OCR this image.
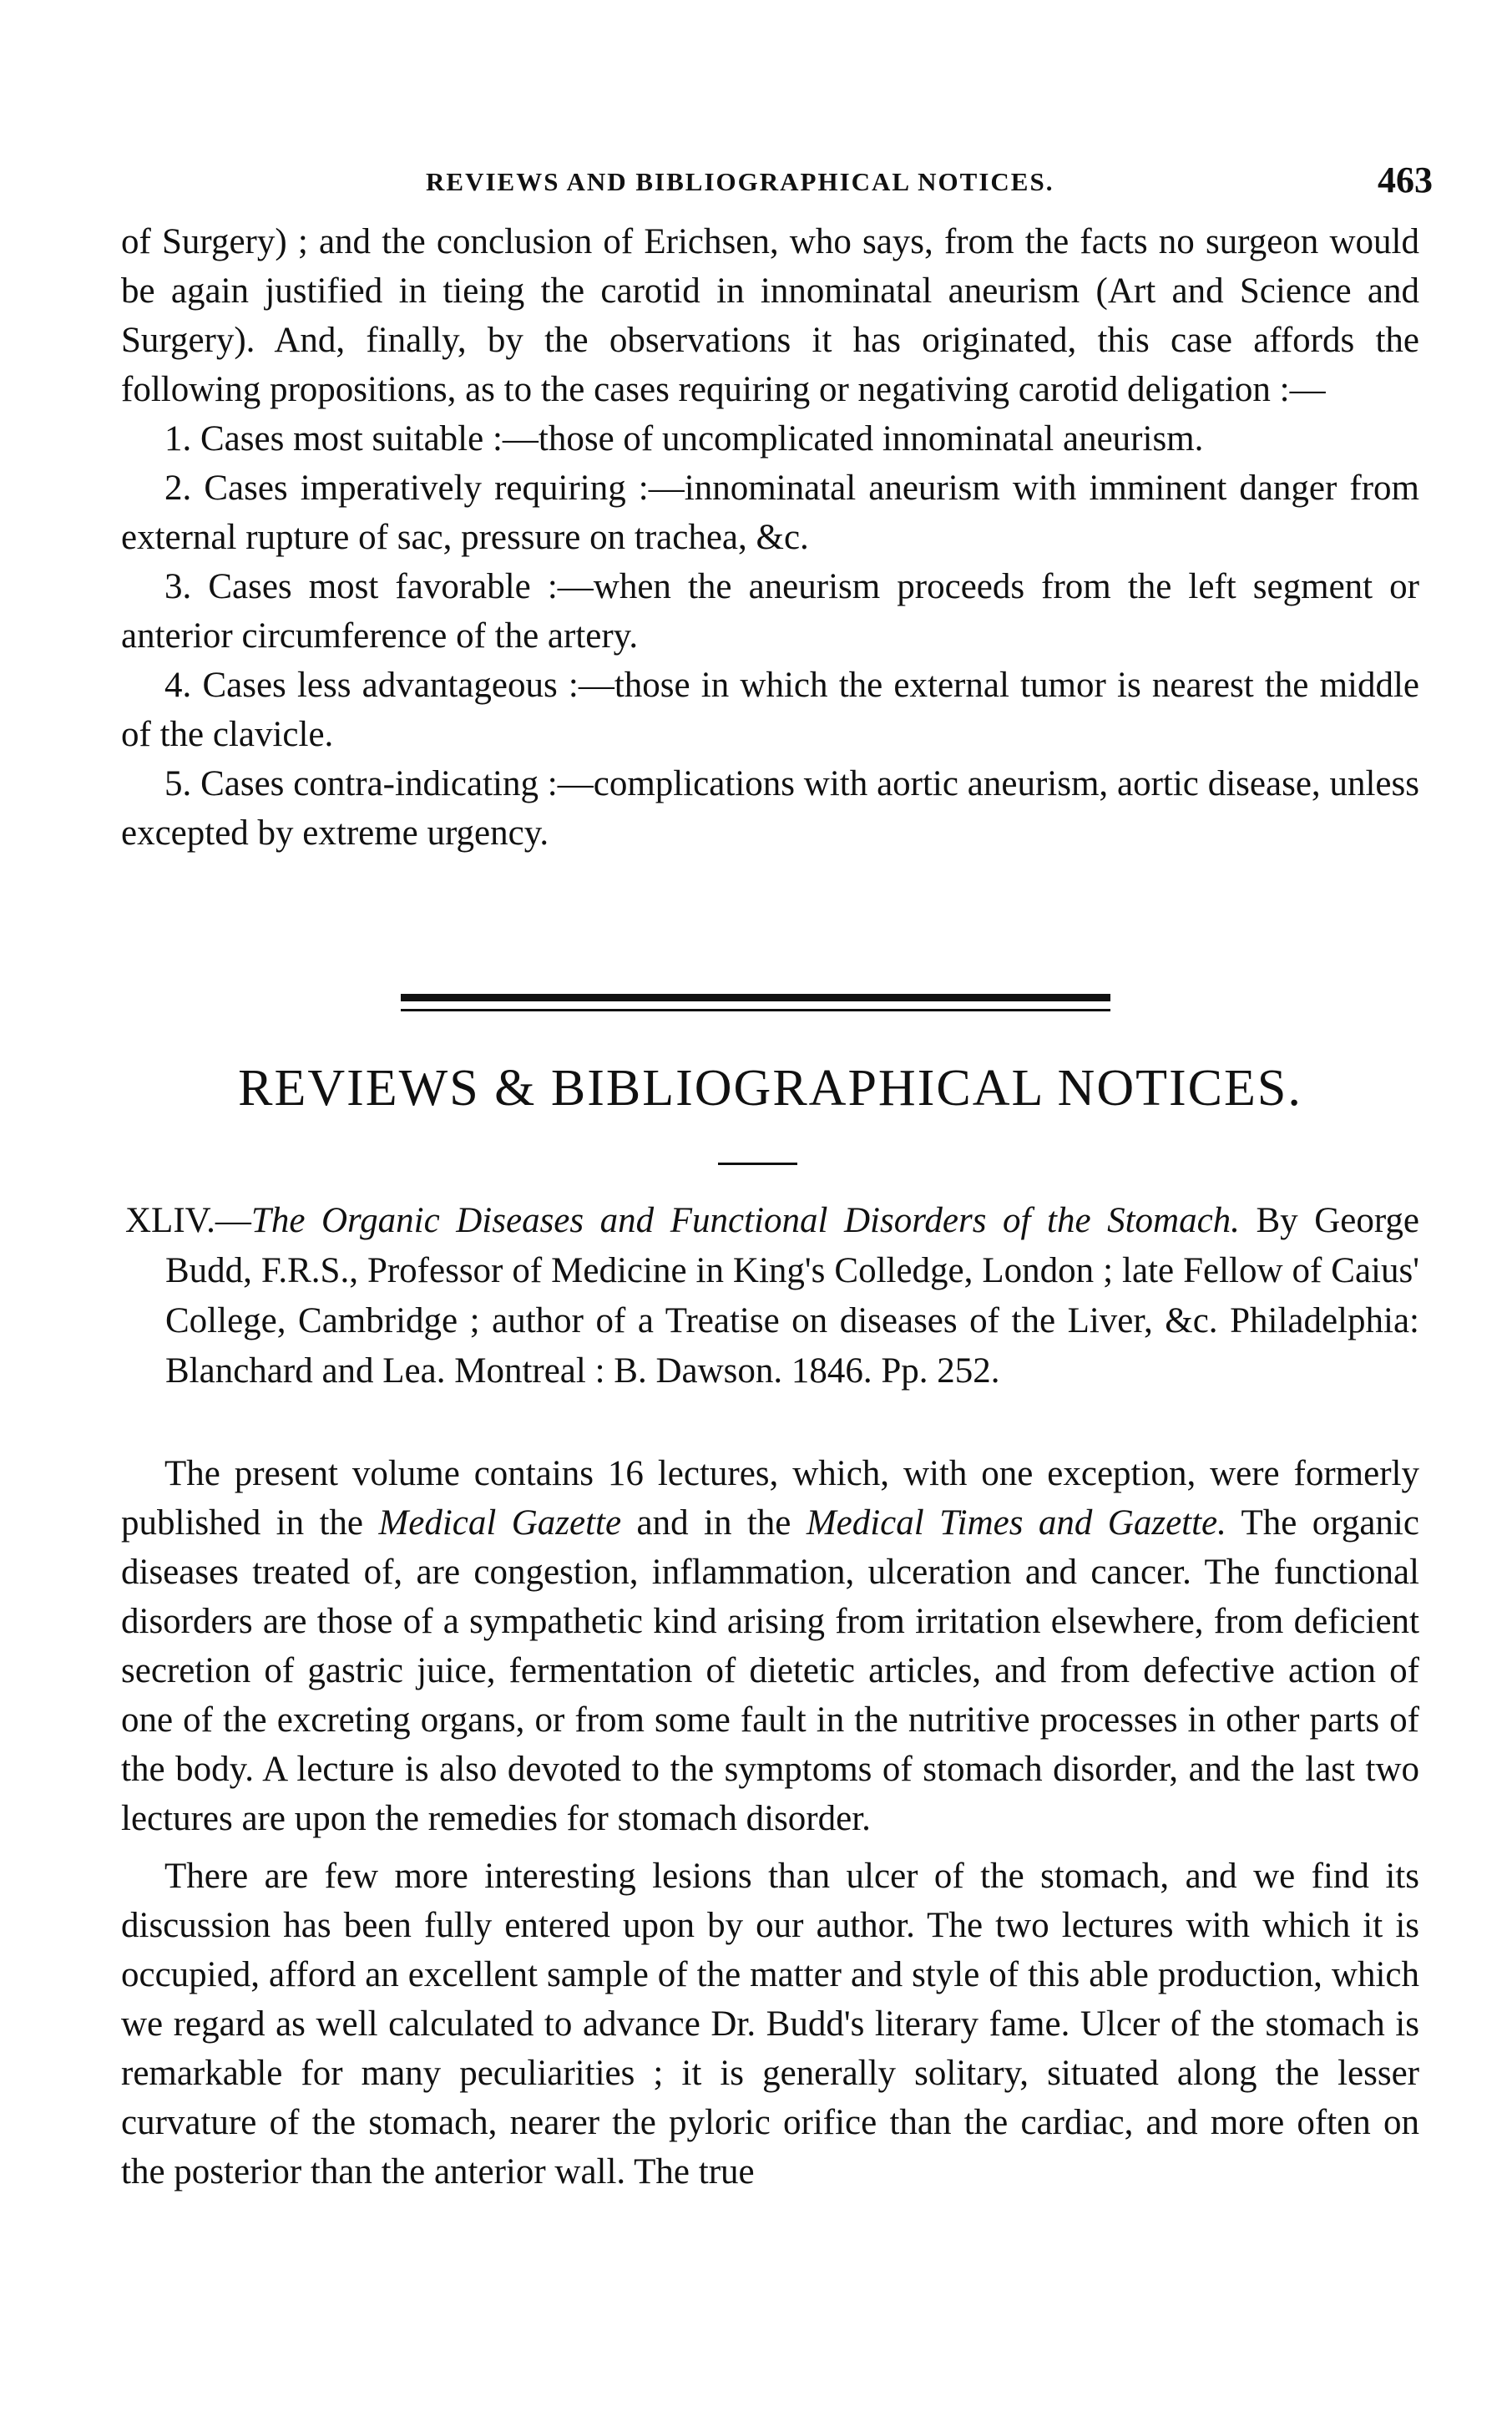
REVIEWS AND BIBLIOGRAPHICAL NOTICES.	463
of Surgery) ; and the conclusion of Erichsen, who says, from the facts no surgeon would be again justified in tieing the carotid in innominatal aneurism (Art and Science and Surgery). And, finally, by the observations it has originated, this case affords the following propositions, as to the cases requiring or negativing carotid deligation :—
1. Cases most suitable :—those of uncomplicated innominatal aneurism.
2. Cases imperatively requiring :—innominatal aneurism with imminent danger from external rupture of sac, pressure on trachea, &c.
3. Cases most favorable :—when the aneurism proceeds from the left segment or anterior circumference of the artery.
4. Cases less advantageous :—those in which the external tumor is nearest the middle of the clavicle.
5. Cases contra-indicating :—complications with aortic aneurism, aortic disease, unless excepted by extreme urgency.
REVIEWS & BIBLIOGRAPHICAL NOTICES.
XLIV.—The Organic Diseases and Functional Disorders of the Stomach. By George Budd, F.R.S., Professor of Medicine in King's Colledge, London ; late Fellow of Caius' College, Cambridge ; author of a Treatise on diseases of the Liver, &c. Philadelphia: Blanchard and Lea. Montreal : B. Dawson. 1846. Pp. 252.

The present volume contains 16 lectures, which, with one exception, were formerly published in the Medical Gazette and in the Medical Times and Gazette. The organic diseases treated of, are congestion, inflammation, ulceration and cancer. The functional disorders are those of a sympathetic kind arising from irritation elsewhere, from deficient secretion of gastric juice, fermentation of dietetic articles, and from defective action of one of the excreting organs, or from some fault in the nutritive processes in other parts of the body. A lecture is also devoted to the symptoms of stomach disorder, and the last two lectures are upon the remedies for stomach disorder.

There are few more interesting lesions than ulcer of the stomach, and we find its discussion has been fully entered upon by our author. The two lectures with which it is occupied, afford an excellent sample of the matter and style of this able production, which we regard as well calculated to advance Dr. Budd's literary fame. Ulcer of the stomach is remarkable for many peculiarities ; it is generally solitary, situated along the lesser curvature of the stomach, nearer the pyloric orifice than the cardiac, and more often on the posterior than the anterior wall. The true
